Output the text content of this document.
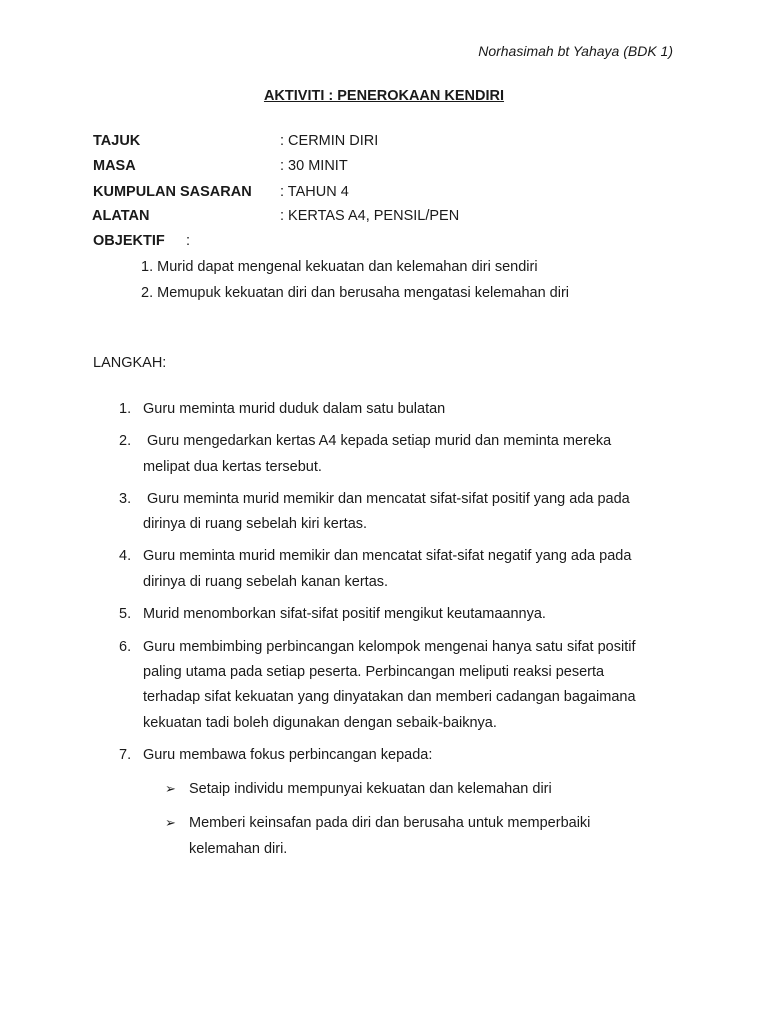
Norhasimah bt Yahaya (BDK 1)
AKTIVITI : PENEROKAAN KENDIRI
TAJUK	: CERMIN DIRI
MASA	: 30 MINIT
KUMPULAN SASARAN : TAHUN 4
ALATAN	: KERTAS A4, PENSIL/PEN
OBJEKTIF :
1. Murid dapat mengenal kekuatan dan kelemahan diri sendiri
2. Memupuk kekuatan diri dan berusaha mengatasi kelemahan diri
LANGKAH:
1. Guru meminta murid duduk dalam satu bulatan
2. Guru mengedarkan kertas A4 kepada setiap murid dan meminta mereka
melipat dua kertas tersebut.
3. Guru meminta murid memikir dan mencatat sifat-sifat positif yang ada pada
dirinya di ruang sebelah kiri kertas.
4. Guru meminta murid memikir dan mencatat sifat-sifat negatif yang ada pada
dirinya di ruang sebelah kanan kertas.
5. Murid menomborkan sifat-sifat positif mengikut keutamaannya.
6. Guru membimbing perbincangan kelompok mengenai hanya satu sifat positif
paling utama pada setiap peserta. Perbincangan meliputi reaksi peserta
terhadap sifat kekuatan yang dinyatakan dan memberi cadangan bagaimana
kekuatan tadi boleh digunakan dengan sebaik-baiknya.
7. Guru membawa fokus perbincangan kepada:
➢ Setaip individu mempunyai kekuatan dan kelemahan diri
➢ Memberi keinsafan pada diri dan berusaha untuk memperbaiki
kelemahan diri.
